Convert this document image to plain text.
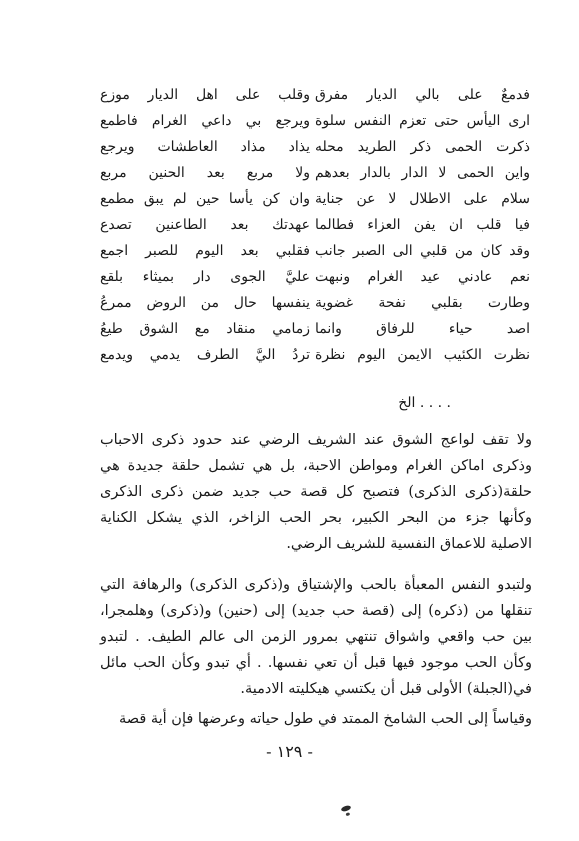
فدمعٌ على بالي الديار مفرق
ارى اليأس حتى تعزم النفس سلوة
ذكرت الحمى ذكر الطريد محله
واين الحمى لا الدار بالدار بعدهم
سلام على الاطلال لا عن جناية
فيا قلب ان يفن العزاء فطالما
وقد كان من قلبي الى الصبر جانب
نعم عادني عيد الغرام ونبهت
وطارت بقلبي نفحة غضوية
اصد حياء للرفاق وانما
نظرت الكئيب الايمن اليوم نظرة
وقلب على اهل الديار موزع
ويرجع بي داعي الغرام فاطمع
يذاد مذاد العاطشات ويرجع
ولا مربع بعد الحنين مربع
وان كن يأسا حين لم يبق مطمع
عهدتك بعد الطاعنين تصدع
فقلبي بعد اليوم للصبر اجمع
عليَّ الجوى دار بميثاء بلقع
ينفسها حال من الروض ممرعُ
زمامي منقاد مع الشوق طيعُ
تردُ اليَّ الطرف يدمي ويدمع
. . . . الخ

ولا تقف لواعج الشوق عند الشريف الرضي عند حدود ذكرى الاحباب وذكرى اماكن الغرام ومواطن الاحبة، بل هي تشمل حلقة جديدة هي حلقة(ذكرى الذكرى) فتصبح كل قصة حب جديد ضمن ذكرى الذكرى وكأنها جزء من البحر الكبير، بحر الحب الزاخر، الذي يشكل الكناية الاصلية للاعماق النفسية للشريف الرضي.

ولتبدو النفس المعبأة بالحب والإشتياق و(ذكرى الذكرى) والرهافة التي تنقلها من (ذكره) إلى (قصة حب جديد) إلى (حنين) و(ذكرى) وهلمجرا، بين حب واقعي واشواق تنتهي بمرور الزمن الى عالم الطيف. . لتبدو وكأن الحب موجود فيها قبل أن تعي نفسها. . أي تبدو وكأن الحب مائل في(الجبلة) الأولى قبل أن يكتسي هيكليته الادمية.

وقياساً إلى الحب الشامخ الممتد في طول حياته وعرضها فإن أية قصة

- ١٢٩ -
